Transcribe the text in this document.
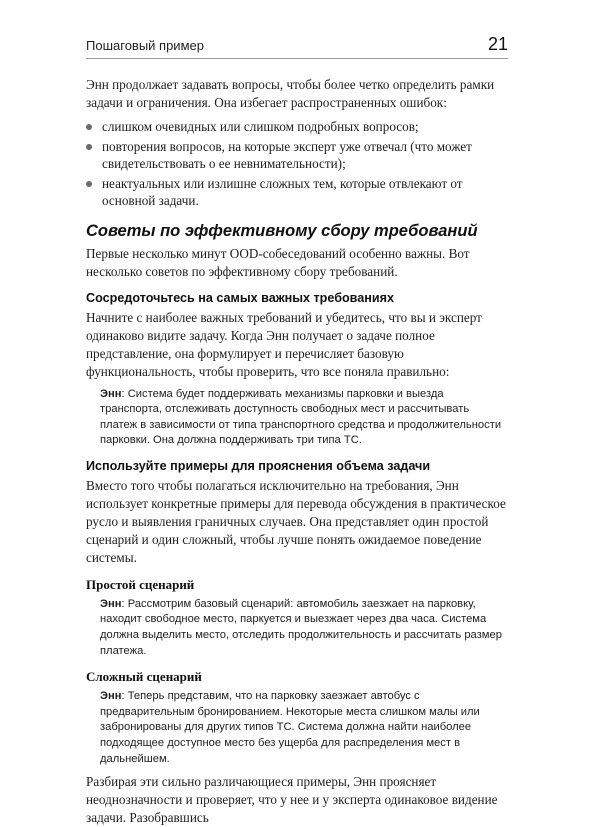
Пошаговый пример	21

Энн продолжает задавать вопросы, чтобы более четко определить рамки задачи и ограничения. Она избегает распространенных ошибок:

слишком очевидных или слишком подробных вопросов;
повторения вопросов, на которые эксперт уже отвечал (что может свидетельствовать о ее невнимательности);
неактуальных или излишне сложных тем, которые отвлекают от основной задачи.
Советы по эффективному сбору требований

Первые несколько минут OOD-собеседований особенно важны. Вот несколько советов по эффективному сбору требований.

Сосредоточьтесь на самых важных требованиях

Начните с наиболее важных требований и убедитесь, что вы и эксперт одинаково видите задачу. Когда Энн получает о задаче полное представление, она формулирует и перечисляет базовую функциональность, чтобы проверить, что все поняла правильно:

Энн: Система будет поддерживать механизмы парковки и выезда транспорта, отслеживать доступность свободных мест и рассчитывать платеж в зависимости от типа транспортного средства и продолжительности парковки. Она должна поддерживать три типа ТС.

Используйте примеры для прояснения объема задачи

Вместо того чтобы полагаться исключительно на требования, Энн использует конкретные примеры для перевода обсуждения в практическое русло и выявления граничных случаев. Она представляет один простой сценарий и один сложный, чтобы лучше понять ожидаемое поведение системы.

Простой сценарий

Энн: Рассмотрим базовый сценарий: автомобиль заезжает на парковку, находит свободное место, паркуется и выезжает через два часа. Система должна выделить место, отследить продолжительность и рассчитать размер платежа.

Сложный сценарий

Энн: Теперь представим, что на парковку заезжает автобус с предварительным бронированием. Некоторые места слишком малы или забронированы для других типов ТС. Система должна найти наиболее подходящее доступное место без ущерба для распределения мест в дальнейшем.

Разбирая эти сильно различающиеся примеры, Энн проясняет неоднозначности и проверяет, что у нее и у эксперта одинаковое видение задачи. Разобравшись
